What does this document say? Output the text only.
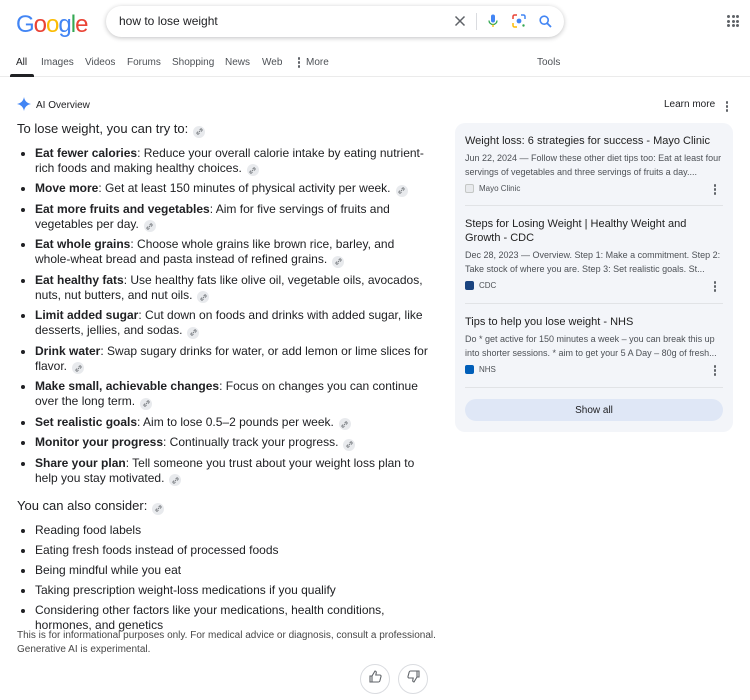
Google
how to lose weight
All Images Videos Forums Shopping News Web More	Tools
AI Overview	Learn more
To lose weight, you can try to:
Eat fewer calories: Reduce your overall calorie intake by eating nutrient-rich foods and making healthy choices.
Move more: Get at least 150 minutes of physical activity per week.
Eat more fruits and vegetables: Aim for five servings of fruits and vegetables per day.
Eat whole grains: Choose whole grains like brown rice, barley, and whole-wheat bread and pasta instead of refined grains.
Eat healthy fats: Use healthy fats like olive oil, vegetable oils, avocados, nuts, nut butters, and nut oils.
Limit added sugar: Cut down on foods and drinks with added sugar, like desserts, jellies, and sodas.
Drink water: Swap sugary drinks for water, or add lemon or lime slices for flavor.
Make small, achievable changes: Focus on changes you can continue over the long term.
Set realistic goals: Aim to lose 0.5–2 pounds per week.
Monitor your progress: Continually track your progress.
Share your plan: Tell someone you trust about your weight loss plan to help you stay motivated.
You can also consider:
Reading food labels
Eating fresh foods instead of processed foods
Being mindful while you eat
Taking prescription weight-loss medications if you qualify
Considering other factors like your medications, health conditions, hormones, and genetics
This is for informational purposes only. For medical advice or diagnosis, consult a professional. Generative AI is experimental.
Weight loss: 6 strategies for success - Mayo Clinic
Jun 22, 2024 — Follow these other diet tips too: Eat at least four servings of vegetables and three servings of fruits a day....
Mayo Clinic
Steps for Losing Weight | Healthy Weight and Growth - CDC
Dec 28, 2023 — Overview. Step 1: Make a commitment. Step 2: Take stock of where you are. Step 3: Set realistic goals. St...
CDC
Tips to help you lose weight - NHS
Do * get active for 150 minutes a week – you can break this up into shorter sessions. * aim to get your 5 A Day – 80g of fresh...
NHS
Show all
